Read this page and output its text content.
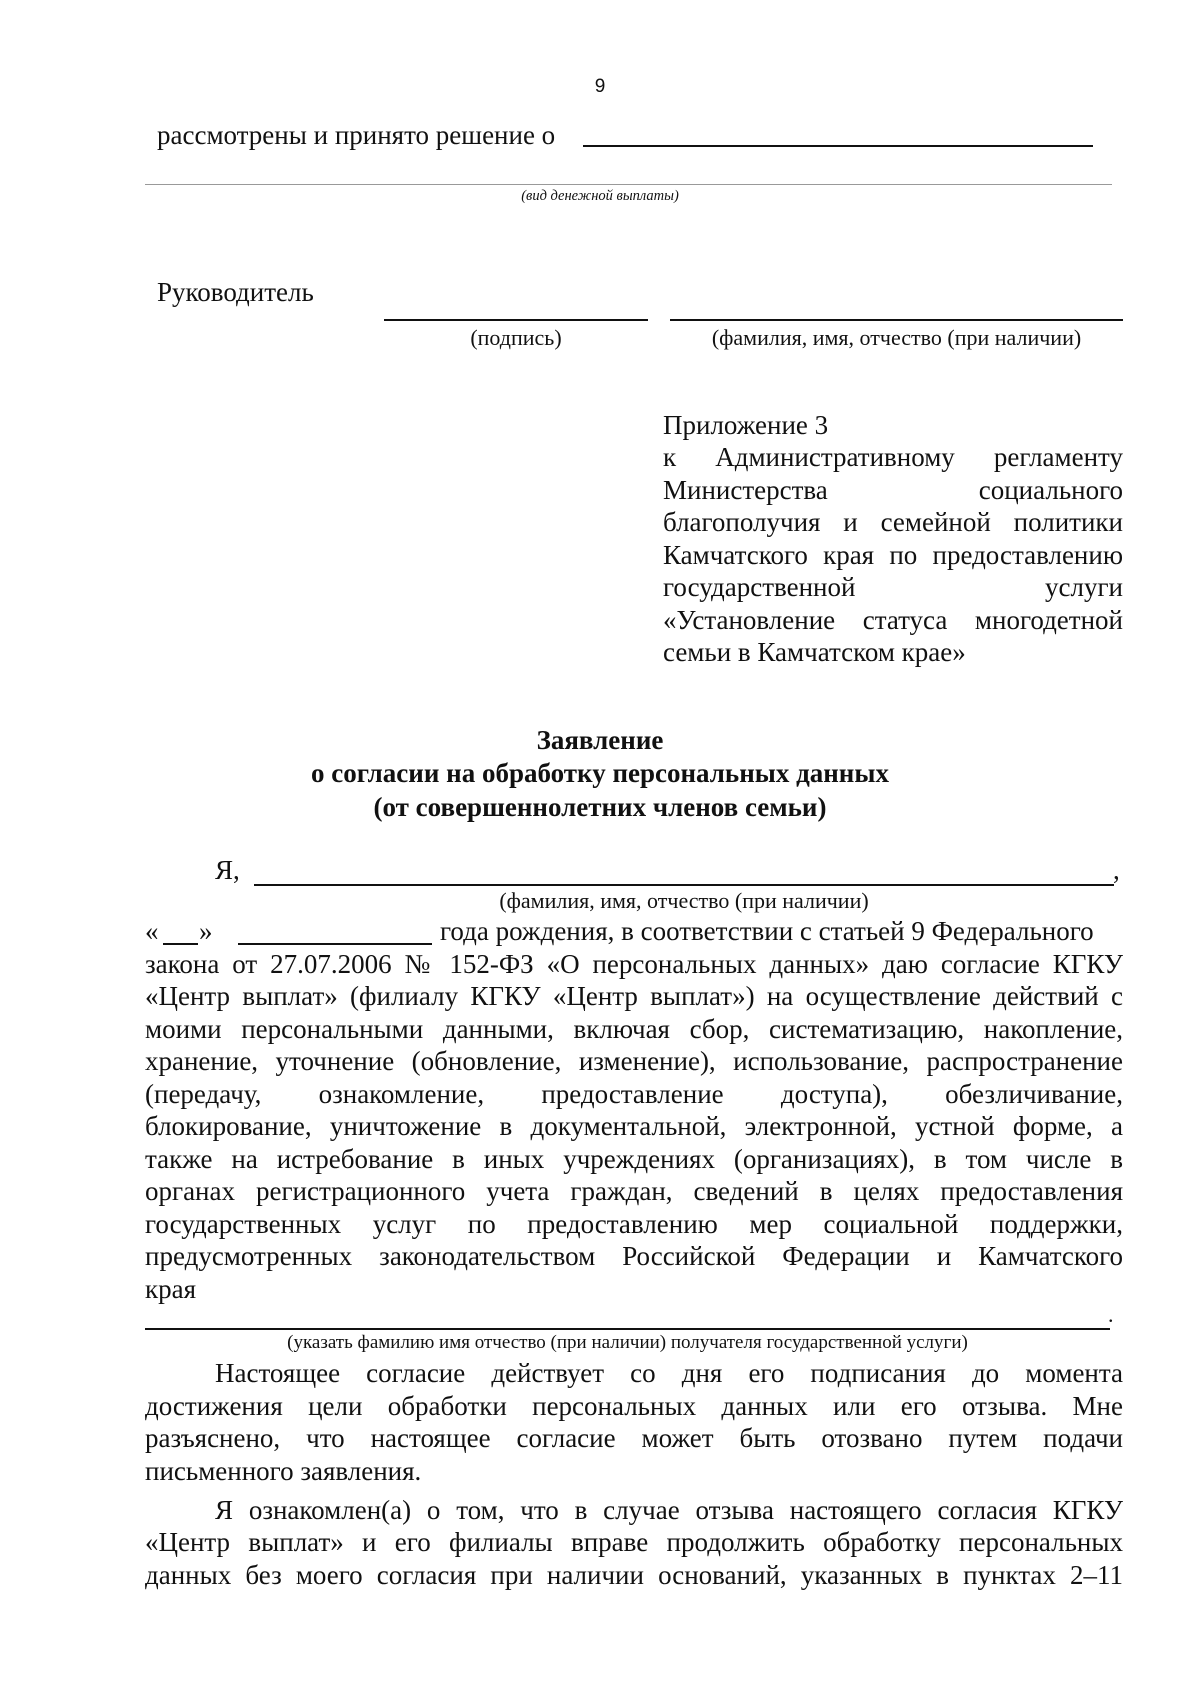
9
рассмотрены и принято решение о
(вид денежной выплаты)
Руководитель
(подпись)	(фамилия, имя, отчество (при наличии)
Приложение 3
к Административному регламенту
Министерства социального
благополучия и семейной политики
Камчатского края по предоставлению
государственной услуги
«Установление статуса многодетной
семьи в Камчатском крае»
Заявление
о согласии на обработку персональных данных
(от совершеннолетних членов семьи)
Я,	,
(фамилия, имя, отчество (при наличии)
« »	года рождения, в соответствии с статьей 9 Федерального
закона от 27.07.2006 № 152-ФЗ «О персональных данных» даю согласие КГКУ
«Центр выплат» (филиалу КГКУ «Центр выплат») на осуществление действий с
моими персональными данными, включая сбор, систематизацию, накопление,
хранение, уточнение (обновление, изменение), использование, распространение
(передачу, ознакомление, предоставление доступа), обезличивание,
блокирование, уничтожение в документальной, электронной, устной форме, а
также на истребование в иных учреждениях (организациях), в том числе в
органах регистрационного учета граждан, сведений в целях предоставления
государственных услуг по предоставлению мер социальной поддержки,
предусмотренных законодательством Российской Федерации и Камчатского
края
.
(указать фамилию имя отчество (при наличии) получателя государственной услуги)
Настоящее согласие действует со дня его подписания до момента
достижения цели обработки персональных данных или его отзыва. Мне
разъяснено, что настоящее согласие может быть отозвано путем подачи
письменного заявления.
Я ознакомлен(а) о том, что в случае отзыва настоящего согласия КГКУ
«Центр выплат» и его филиалы вправе продолжить обработку персональных
данных без моего согласия при наличии оснований, указанных в пунктах 2–11
